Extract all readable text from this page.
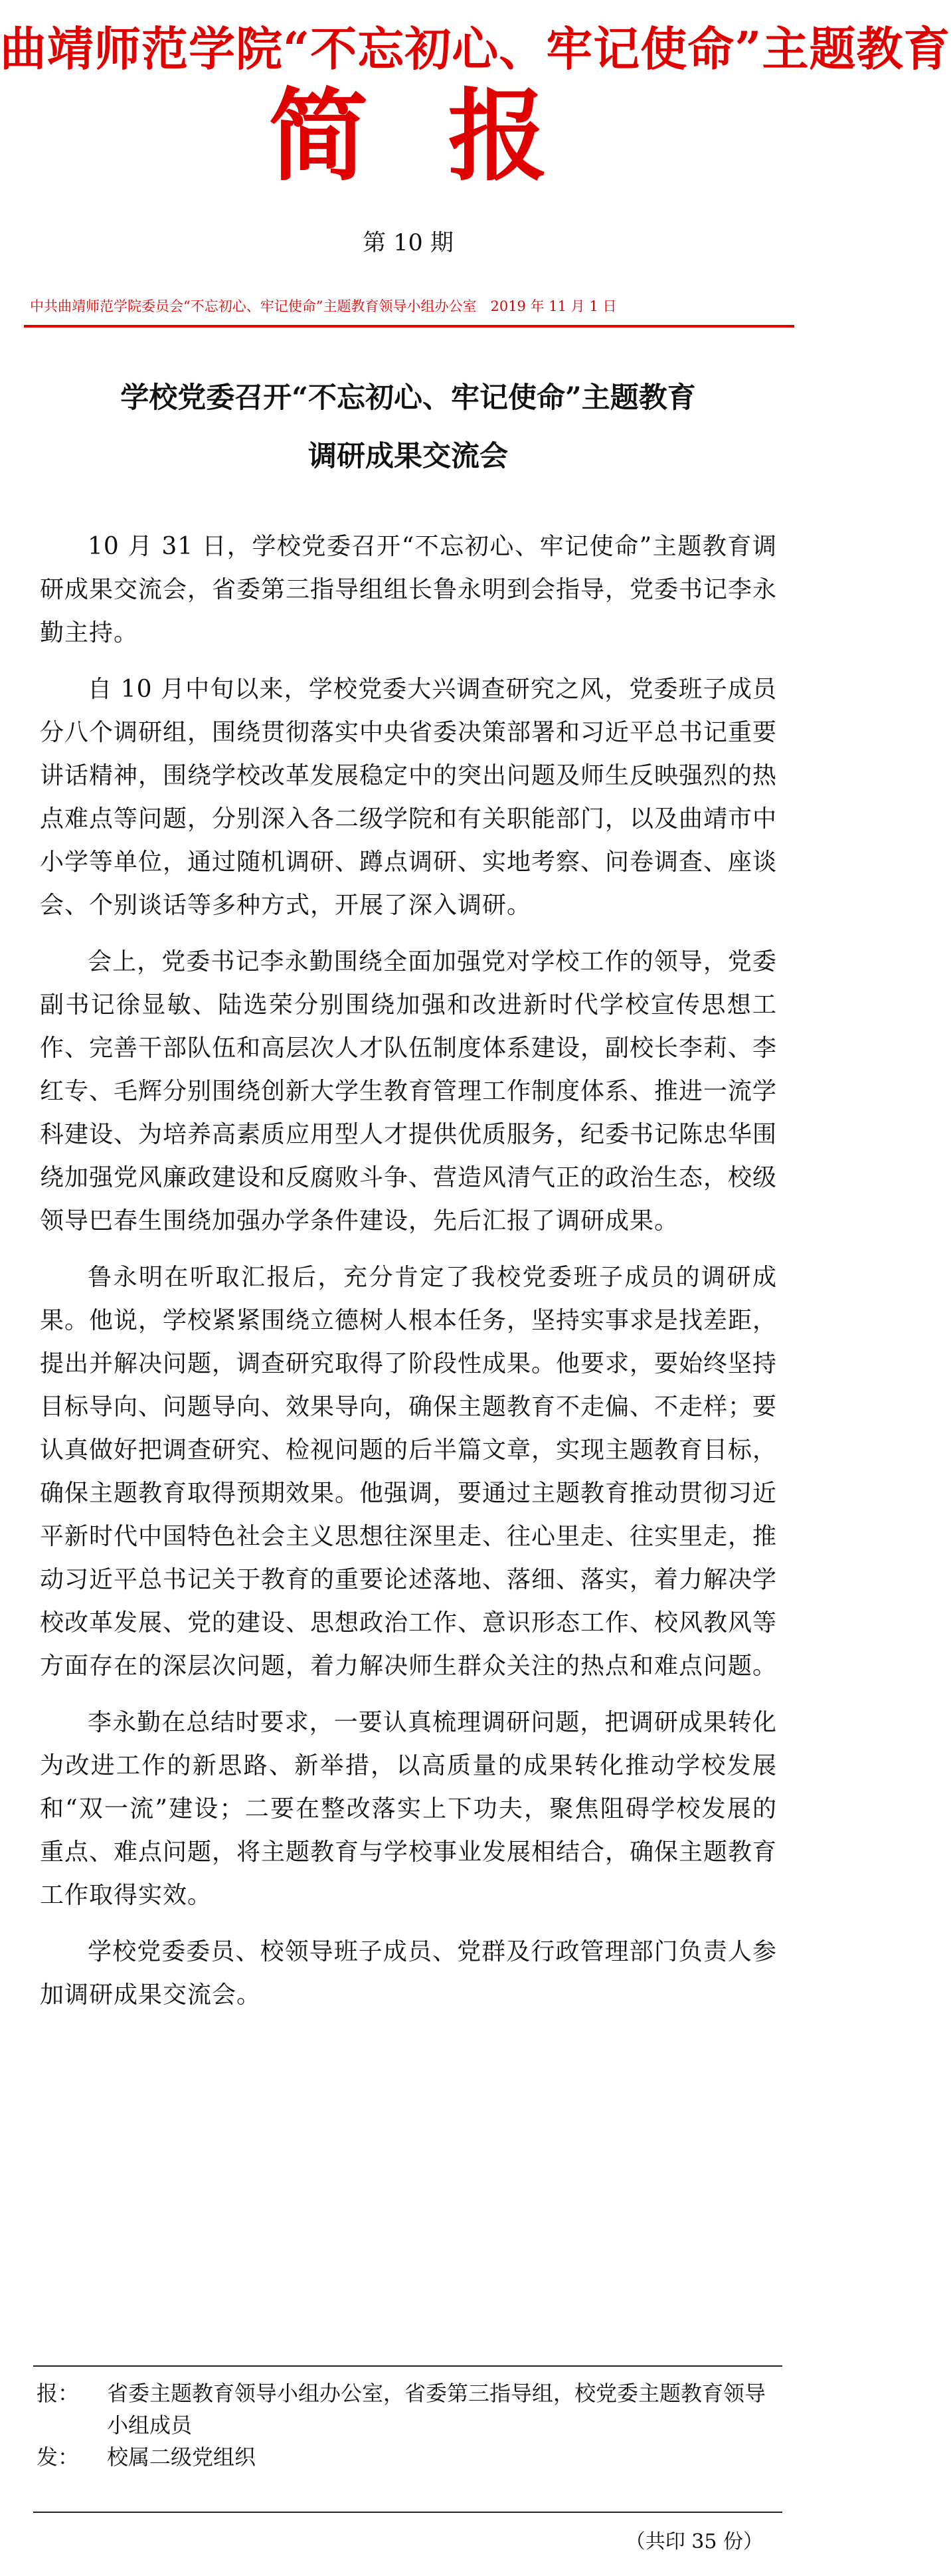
曲靖师范学院“不忘初心、牢记使命”主题教育
简 报
第 10 期
中共曲靖师范学院委员会“不忘初心、牢记使命”主题教育领导小组办公室　2019 年 11 月 1 日
学校党委召开“不忘初心、牢记使命”主题教育
调研成果交流会

10 月 31 日，学校党委召开“不忘初心、牢记使命”主题教育调研成果交流会，省委第三指导组组长鲁永明到会指导，党委书记李永勤主持。

自 10 月中旬以来，学校党委大兴调查研究之风，党委班子成员分八个调研组，围绕贯彻落实中央省委决策部署和习近平总书记重要讲话精神，围绕学校改革发展稳定中的突出问题及师生反映强烈的热点难点等问题，分别深入各二级学院和有关职能部门，以及曲靖市中小学等单位，通过随机调研、蹲点调研、实地考察、问卷调查、座谈会、个别谈话等多种方式，开展了深入调研。

会上，党委书记李永勤围绕全面加强党对学校工作的领导，党委副书记徐显敏、陆选荣分别围绕加强和改进新时代学校宣传思想工作、完善干部队伍和高层次人才队伍制度体系建设，副校长李莉、李红专、毛辉分别围绕创新大学生教育管理工作制度体系、推进一流学科建设、为培养高素质应用型人才提供优质服务，纪委书记陈忠华围绕加强党风廉政建设和反腐败斗争、营造风清气正的政治生态，校级领导巴春生围绕加强办学条件建设，先后汇报了调研成果。

鲁永明在听取汇报后，充分肯定了我校党委班子成员的调研成果。他说，学校紧紧围绕立德树人根本任务，坚持实事求是找差距，提出并解决问题，调查研究取得了阶段性成果。他要求，要始终坚持目标导向、问题导向、效果导向，确保主题教育不走偏、不走样；要认真做好把调查研究、检视问题的后半篇文章，实现主题教育目标，确保主题教育取得预期效果。他强调，要通过主题教育推动贯彻习近平新时代中国特色社会主义思想往深里走、往心里走、往实里走，推动习近平总书记关于教育的重要论述落地、落细、落实，着力解决学校改革发展、党的建设、思想政治工作、意识形态工作、校风教风等方面存在的深层次问题，着力解决师生群众关注的热点和难点问题。

李永勤在总结时要求，一要认真梳理调研问题，把调研成果转化为改进工作的新思路、新举措，以高质量的成果转化推动学校发展和“双一流”建设；二要在整改落实上下功夫，聚焦阻碍学校发展的重点、难点问题，将主题教育与学校事业发展相结合，确保主题教育工作取得实效。

学校党委委员、校领导班子成员、党群及行政管理部门负责人参加调研成果交流会。

报：	省委主题教育领导小组办公室，省委第三指导组，校党委主题教育领导小组成员
发：	校属二级党组织
（共印 35 份）
